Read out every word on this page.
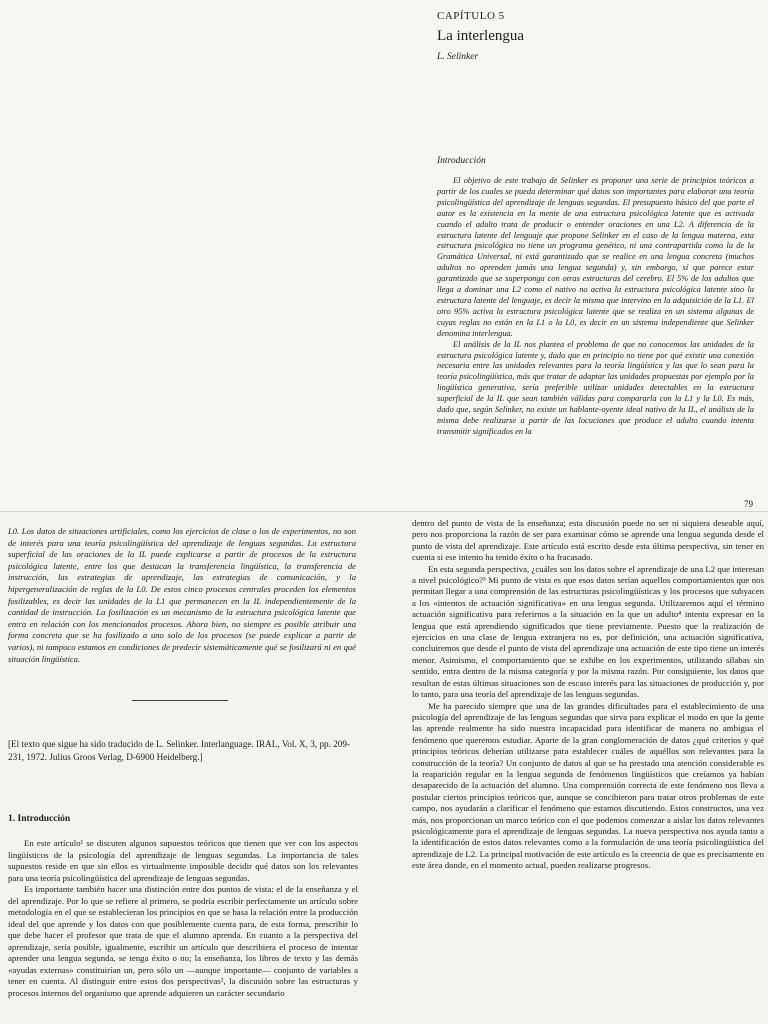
CAPÍTULO 5
La interlengua
L. Selinker
Introducción

El objetivo de este trabajo de Selinker es proponer una serie de principios teóricos a partir de los cuales se pueda determinar qué datos son importantes para elaborar una teoría psicolingüística del aprendizaje de lenguas segundas. El presupuesto básico del que parte el autor es la existencia en la mente de una estructura psicológica latente que es activada cuando el adulto trata de producir o entender oraciones en una L2. A diferencia de la estructura latente del lenguaje que propone Selinker en el caso de la lengua materna, esta estructura psicológica no tiene un programa genético, ni una contrapartida como la de la Gramática Universal, ni está garantizado que se realice en una lengua concreta (muchos adultos no aprenden jamás una lengua segunda) y, sin embargo, sí que parece estar garantizado que se superponga con otras estructuras del cerebro. El 5% de los adultos que llega a dominar una L2 como el nativo no activa la estructura psicológica latente sino la estructura latente del lenguaje, es decir la misma que intervino en la adquisición de la L1. El otro 95% activa la estructura psicológica latente que se realiza en un sistema algunas de cuyas reglas no están en la L1 o la L0, es decir en un sistema independiente que Selinker denomina interlengua.

El análisis de la IL nos plantea el problema de que no conocemos las unidades de la estructura psicológica latente y, dado que en principio no tiene por qué existir una conexión necesaria entre las unidades relevantes para la teoría lingüística y las que lo sean para la teoría psicolingüística, más que tratar de adaptar las unidades propuestas por ejemplo por la lingüística generativa, sería preferible utilizar unidades detectables en la estructura superficial de la IL que sean también válidas para compararla con la L1 y la L0. Es más, dado que, según Selinker, no existe un hablante-oyente ideal nativo de la IL, el análisis de la misma debe realizarse a partir de las locuciones que produce el adulto cuando intenta transmitir significados en la

79

L0. Los datos de situaciones artificiales, como los ejercicios de clase o los de experimentos, no son de interés para una teoría psicolingüística del aprendizaje de lenguas segundas. La estructura superficial de las oraciones de la IL puede explicarse a partir de procesos de la estructura psicológica latente, entre los que destacan la transferencia lingüística, la transferencia de instrucción, las estrategias de aprendizaje, las estrategias de comunicación, y la hipergeneralización de reglas de la L0. De estos cinco procesos centrales proceden los elementos fosilizables, es decir las unidades de la L1 que permanecen en la IL independientemente de la cantidad de instrucción. La fosilización es un mecanismo de la estructura psicológica latente que entra en relación con los mencionados procesos. Ahora bien, no siempre es posible atribuir una forma concreta que se ha fosilizado a uno solo de los procesos (se puede explicar a partir de varios), ni tampoco estamos en condiciones de predecir sistemáticamente qué se fosilizará ni en qué situación lingüística.

[El texto que sigue ha sido traducido de L. Selinker. Interlanguage. IRAL, Vol. X, 3, pp. 209-231, 1972. Julius Groos Verlag, D-6900 Heidelberg.]
1. Introducción

En este artículo¹ se discuten algunos supuestos teóricos que tienen que ver con los aspectos lingüísticos de la psicología del aprendizaje de lenguas segundas. La importancia de tales supuestos reside en que sin ellos es virtualmente imposible decidir qué datos son los relevantes para una teoría psicolingüística del aprendizaje de lenguas segundas.

Es importante también hacer una distinción entre dos puntos de vista: el de la enseñanza y el del aprendizaje. Por lo que se refiere al primero, se podría escribir perfectamente un artículo sobre metodología en el que se establecieran los principios en que se basa la relación entre la producción ideal del que aprende y los datos con que posiblemente cuenta para, de esta forma, prescribir lo que debe hacer el profesor que trata de que el alumno aprenda. En cuanto a la perspectiva del aprendizaje, sería posible, igualmente, escribir un artículo que describiera el proceso de intentar aprender una lengua segunda, se tenga éxito o no; la enseñanza, los libros de texto y las demás «ayudas externas» constituirían un, pero sólo un —aunque importante— conjunto de variables a tener en cuenta. Al distinguir entre estos dos perspectivas², la discusión sobre las estructuras y procesos internos del organismo que aprende adquieren un carácter secundario

dentro del punto de vista de la enseñanza; esta discusión puede no ser ni siquiera deseable aquí, pero nos proporciona la razón de ser para examinar cómo se aprende una lengua segunda desde el punto de vista del aprendizaje. Este artículo está escrito desde esta última perspectiva, sin tener en cuenta si ese intento ha tenido éxito o ha fracasado.

En esta segunda perspectiva, ¿cuáles son los datos sobre el aprendizaje de una L2 que interesan a nivel psicológico?³ Mi punto de vista es que esos datos serían aquellos comportamientos que nos permitan llegar a una comprensión de las estructuras psicolingüísticas y los procesos que subyacen a los «intentos de actuación significativa» en una lengua segunda. Utilizaremos aquí el término actuación significativa para referirnos a la situación en la que un adulto⁴ intenta expresar en la lengua que está aprendiendo significados que tiene previamente. Puesto que la realización de ejercicios en una clase de lengua extranjera no es, por definición, una actuación significativa, concluiremos que desde el punto de vista del aprendizaje una actuación de este tipo tiene un interés menor. Asimismo, el comportamiento que se exhibe en los experimentos, utilizando sílabas sin sentido, entra dentro de la misma categoría y por la misma razón. Por consiguiente, los datos que resultan de estas últimas situaciones son de escaso interés para las situaciones de producción y, por lo tanto, para una teoría del aprendizaje de las lenguas segundas.

Me ha parecido siempre que una de las grandes dificultades para el establecimiento de una psicología del aprendizaje de las lenguas segundas que sirva para explicar el modo en que la gente las aprende realmente ha sido nuestra incapacidad para identificar de manera no ambigua el fenómeno que queremos estudiar. Aparte de la gran conglomeración de datos ¿qué criterios y qué principios teóricos deberían utilizarse para establecer cuáles de aquéllos son relevantes para la construcción de la teoría? Un conjunto de datos al que se ha prestado una atención considerable es la reaparición regular en la lengua segunda de fenómenos lingüísticos que creíamos ya habían desaparecido de la actuación del alumno. Una comprensión correcta de este fenómeno nos lleva a postular ciertos principios teóricos que, aunque se concibieron para tratar otros problemas de este campo, nos ayudarán a clarificar el fenómeno que estamos discutiendo. Estos constructos, una vez más, nos proporcionan un marco teórico con el que podemos comenzar a aislar los datos relevantes psicológicamente para el aprendizaje de lenguas segundas. La nueva perspectiva nos ayuda tanto a la identificación de estos datos relevantes como a la formulación de una teoría psicolingüística del aprendizaje de L2. La principal motivación de este artículo es la creencia de que es precisamente en este área donde, en el momento actual, pueden realizarse progresos.
